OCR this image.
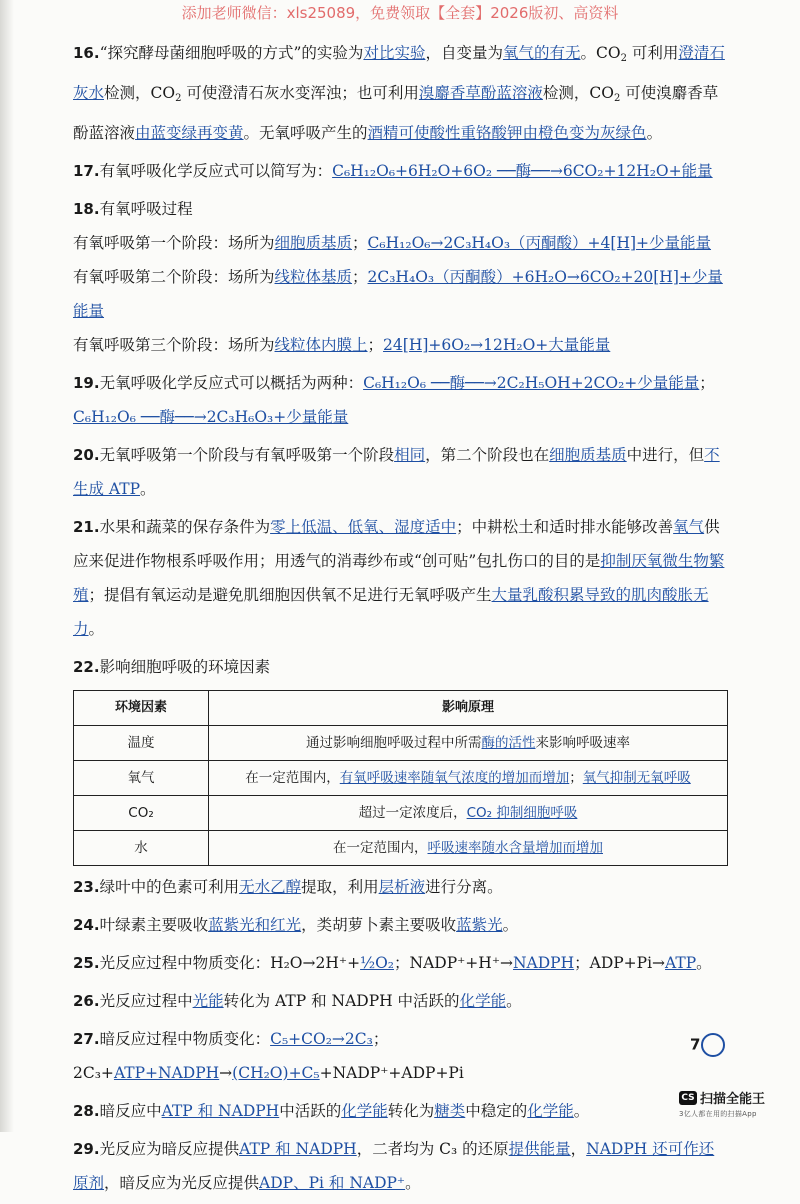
添加老师微信：xls25089，免费领取【全套】2026版初、高资料
16.“探究酵母菌细胞呼吸的方式”的实验为对比实验，自变量为氧气的有无。$CO_2$ 可利用澄清石灰水检测，$CO_2$ 可使澄清石灰水变浑浊；也可利用溴麝香草酚蓝溶液检测，$CO_2$ 可使溴麝香草酚蓝溶液由蓝变绿再变黄。无氧呼吸产生的酒精可使酸性重铬酸钾由橙色变为灰绿色。
17.有氧呼吸化学反应式可以简写为：C₆H₁₂O₆+6H₂O+6O₂ ──酶──→6CO₂+12H₂O+能量
18.有氧呼吸过程
有氧呼吸第一个阶段：场所为细胞质基质；C₆H₁₂O₆→2C₃H₄O₃（丙酮酸）+4[H]+少量能量
有氧呼吸第二个阶段：场所为线粒体基质；2C₃H₄O₃（丙酮酸）+6H₂O→6CO₂+20[H]+少量能量
有氧呼吸第三个阶段：场所为线粒体内膜上；24[H]+6O₂→12H₂O+大量能量
19.无氧呼吸化学反应式可以概括为两种：C₆H₁₂O₆ ──酶──→2C₂H₅OH+2CO₂+少量能量；C₆H₁₂O₆ ──酶──→2C₃H₆O₃+少量能量
20.无氧呼吸第一个阶段与有氧呼吸第一个阶段相同，第二个阶段也在细胞质基质中进行，但不生成 ATP。
21.水果和蔬菜的保存条件为零上低温、低氧、湿度适中；中耕松土和适时排水能够改善氧气供应来促进作物根系呼吸作用；用透气的消毒纱布或“创可贴”包扎伤口的目的是抑制厌氧微生物繁殖；提倡有氧运动是避免肌细胞因供氧不足进行无氧呼吸产生大量乳酸积累导致的肌肉酸胀无力。
22.影响细胞呼吸的环境因素
环境因素	影响原理
温度	通过影响细胞呼吸过程中所需酶的活性来影响呼吸速率
氧气	在一定范围内，有氧呼吸速率随氧气浓度的增加而增加；氧气抑制无氧呼吸
CO₂	超过一定浓度后，CO₂ 抑制细胞呼吸
水	在一定范围内，呼吸速率随水含量增加而增加
23.绿叶中的色素可利用无水乙醇提取，利用层析液进行分离。
24.叶绿素主要吸收蓝紫光和红光，类胡萝卜素主要吸收蓝紫光。
25.光反应过程中物质变化：H₂O→2H⁺+½O₂；NADP⁺+H⁺→NADPH；ADP+Pi→ATP。
26.光反应过程中光能转化为 ATP 和 NADPH 中活跃的化学能。
27.暗反应过程中物质变化：C₅+CO₂→2C₃；2C₃+ATP+NADPH→(CH₂O)+C₅+NADP⁺+ADP+Pi
28.暗反应中ATP 和 NADPH中活跃的化学能转化为糖类中稳定的化学能。
29.光反应为暗反应提供ATP 和 NADPH，二者均为 C₃ 的还原提供能量，NADPH 还可作还原剂，暗反应为光反应提供ADP、Pi 和 NADP⁺。
7
CS 扫描全能王
3亿人都在用的扫描App
